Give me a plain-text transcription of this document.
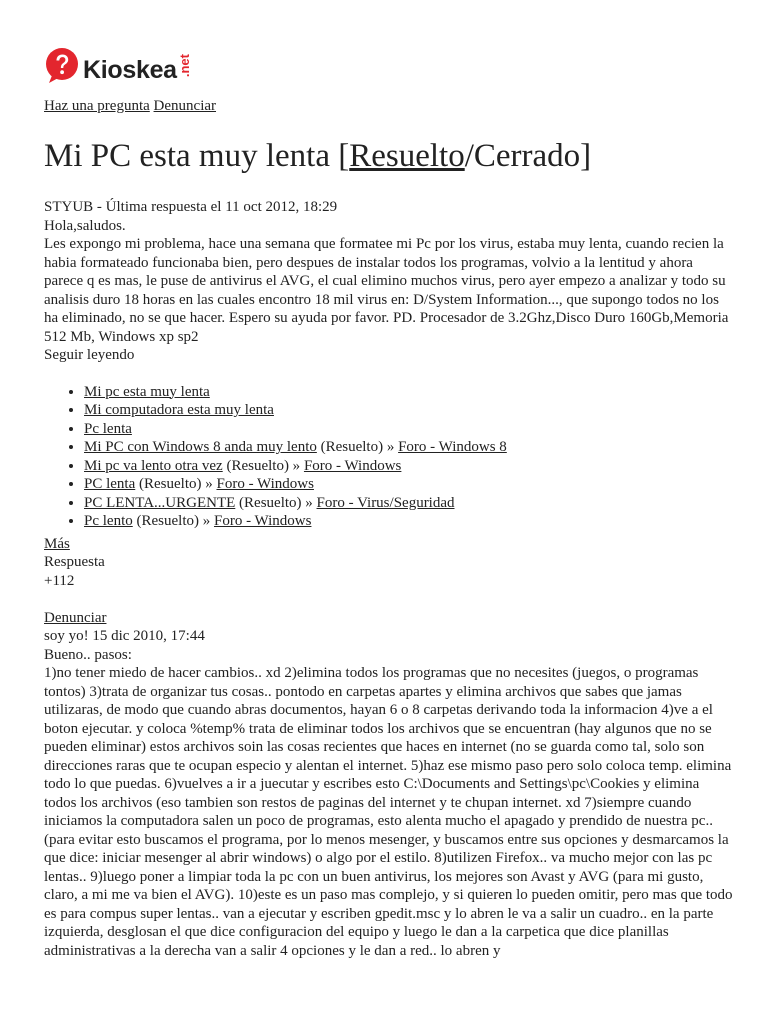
Kioskea .net
Haz una pregunta Denunciar
Mi PC esta muy lenta [Resuelto/Cerrado]

STYUB - Última respuesta el 11 oct 2012, 18:29

Hola,saludos.

Les expongo mi problema, hace una semana que formatee mi Pc por los virus, estaba muy lenta, cuando recien la habia formateado funcionaba bien, pero despues de instalar todos los programas, volvio a la lentitud y ahora parece q es mas, le puse de antivirus el AVG, el cual elimino muchos virus, pero ayer empezo a analizar y todo su analisis duro 18 horas en las cuales encontro 18 mil virus en: D/System Information..., que supongo todos no los ha eliminado, no se que hacer. Espero su ayuda por favor. PD. Procesador de 3.2Ghz,Disco Duro 160Gb,Memoria 512 Mb, Windows xp sp2

Seguir leyendo

• Mi pc esta muy lenta
• Mi computadora esta muy lenta
• Pc lenta
• Mi PC con Windows 8 anda muy lento (Resuelto) » Foro - Windows 8
• Mi pc va lento otra vez (Resuelto) » Foro - Windows
• PC lenta (Resuelto) » Foro - Windows
• PC LENTA...URGENTE (Resuelto) » Foro - Virus/Seguridad
• Pc lento (Resuelto) » Foro - Windows

Más

Respuesta

+112

Denunciar

soy yo! 15 dic 2010, 17:44

Bueno.. pasos:

1)no tener miedo de hacer cambios.. xd 2)elimina todos los programas que no necesites (juegos, o programas tontos) 3)trata de organizar tus cosas.. pontodo en carpetas apartes y elimina archivos que sabes que jamas utilizaras, de modo que cuando abras documentos, hayan 6 o 8 carpetas derivando toda la informacion 4)ve a el boton ejecutar. y coloca %temp% trata de eliminar todos los archivos que se encuentran (hay algunos que no se pueden eliminar) estos archivos soin las cosas recientes que haces en internet (no se guarda como tal, solo son direcciones raras que te ocupan especio y alentan el internet. 5)haz ese mismo paso pero solo coloca temp. elimina todo lo que puedas. 6)vuelves a ir a juecutar y escribes esto C:\Documents and Settings\pc\Cookies y elimina todos los archivos (eso tambien son restos de paginas del internet y te chupan internet. xd 7)siempre cuando iniciamos la computadora salen un poco de programas, esto alenta mucho el apagado y prendido de nuestra pc.. (para evitar esto buscamos el programa, por lo menos mesenger, y buscamos entre sus opciones y desmarcamos la que dice: iniciar mesenger al abrir windows) o algo por el estilo. 8)utilizen Firefox.. va mucho mejor con las pc lentas.. 9)luego poner a limpiar toda la pc con un buen antivirus, los mejores son Avast y AVG (para mi gusto, claro, a mi me va bien el AVG). 10)este es un paso mas complejo, y si quieren lo pueden omitir, pero mas que todo es para compus super lentas.. van a ejecutar y escriben gpedit.msc y lo abren le va a salir un cuadro.. en la parte izquierda, desglosan el que dice configuracion del equipo y luego le dan a la carpetica que dice planillas administrativas a la derecha van a salir 4 opciones y le dan a red.. lo abren y
